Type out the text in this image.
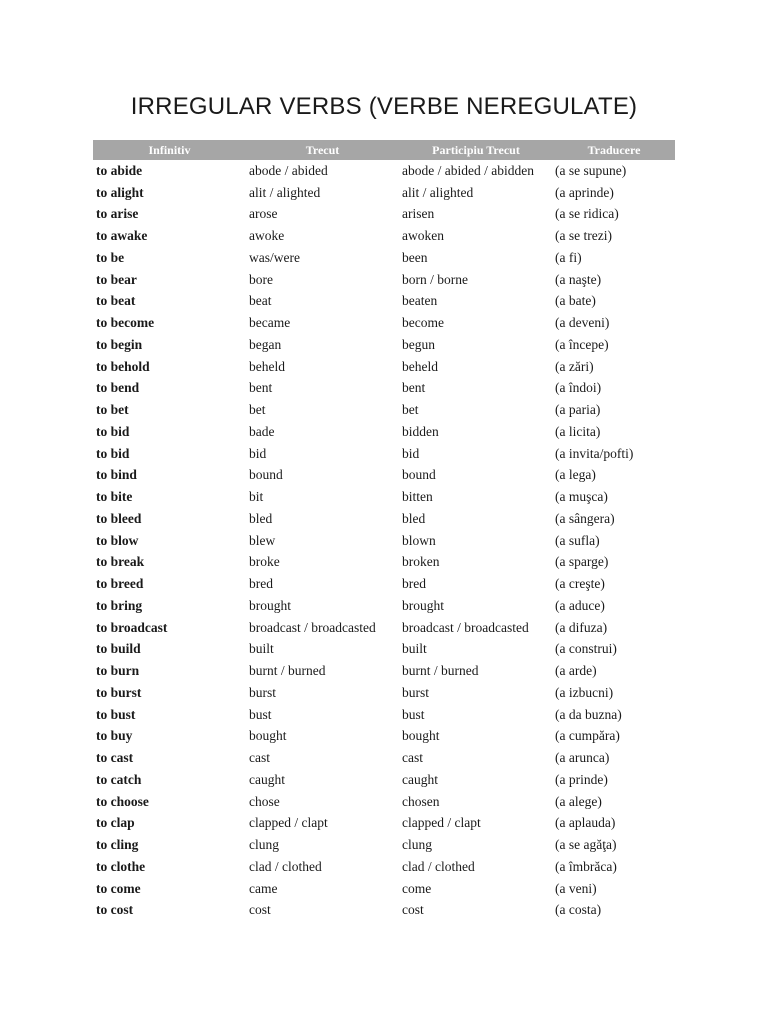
IRREGULAR VERBS (VERBE NEREGULATE)
Infinitiv	Trecut	Participiu Trecut	Traducere
to abide	abode / abided	abode / abided / abidden	(a se supune)
to alight	alit / alighted	alit / alighted	(a aprinde)
to arise	arose	arisen	(a se ridica)
to awake	awoke	awoken	(a se trezi)
to be	was/were	been	(a fi)
to bear	bore	born / borne	(a naşte)
to beat	beat	beaten	(a bate)
to become	became	become	(a deveni)
to begin	began	begun	(a începe)
to behold	beheld	beheld	(a zări)
to bend	bent	bent	(a îndoi)
to bet	bet	bet	(a paria)
to bid	bade	bidden	(a licita)
to bid	bid	bid	(a invita/pofti)
to bind	bound	bound	(a lega)
to bite	bit	bitten	(a muşca)
to bleed	bled	bled	(a sângera)
to blow	blew	blown	(a sufla)
to break	broke	broken	(a sparge)
to breed	bred	bred	(a creşte)
to bring	brought	brought	(a aduce)
to broadcast	broadcast / broadcasted	broadcast / broadcasted	(a difuza)
to build	built	built	(a construi)
to burn	burnt / burned	burnt / burned	(a arde)
to burst	burst	burst	(a izbucni)
to bust	bust	bust	(a da buzna)
to buy	bought	bought	(a cumpăra)
to cast	cast	cast	(a arunca)
to catch	caught	caught	(a prinde)
to choose	chose	chosen	(a alege)
to clap	clapped / clapt	clapped / clapt	(a aplauda)
to cling	clung	clung	(a se agăţa)
to clothe	clad / clothed	clad / clothed	(a îmbrăca)
to come	came	come	(a veni)
to cost	cost	cost	(a costa)
